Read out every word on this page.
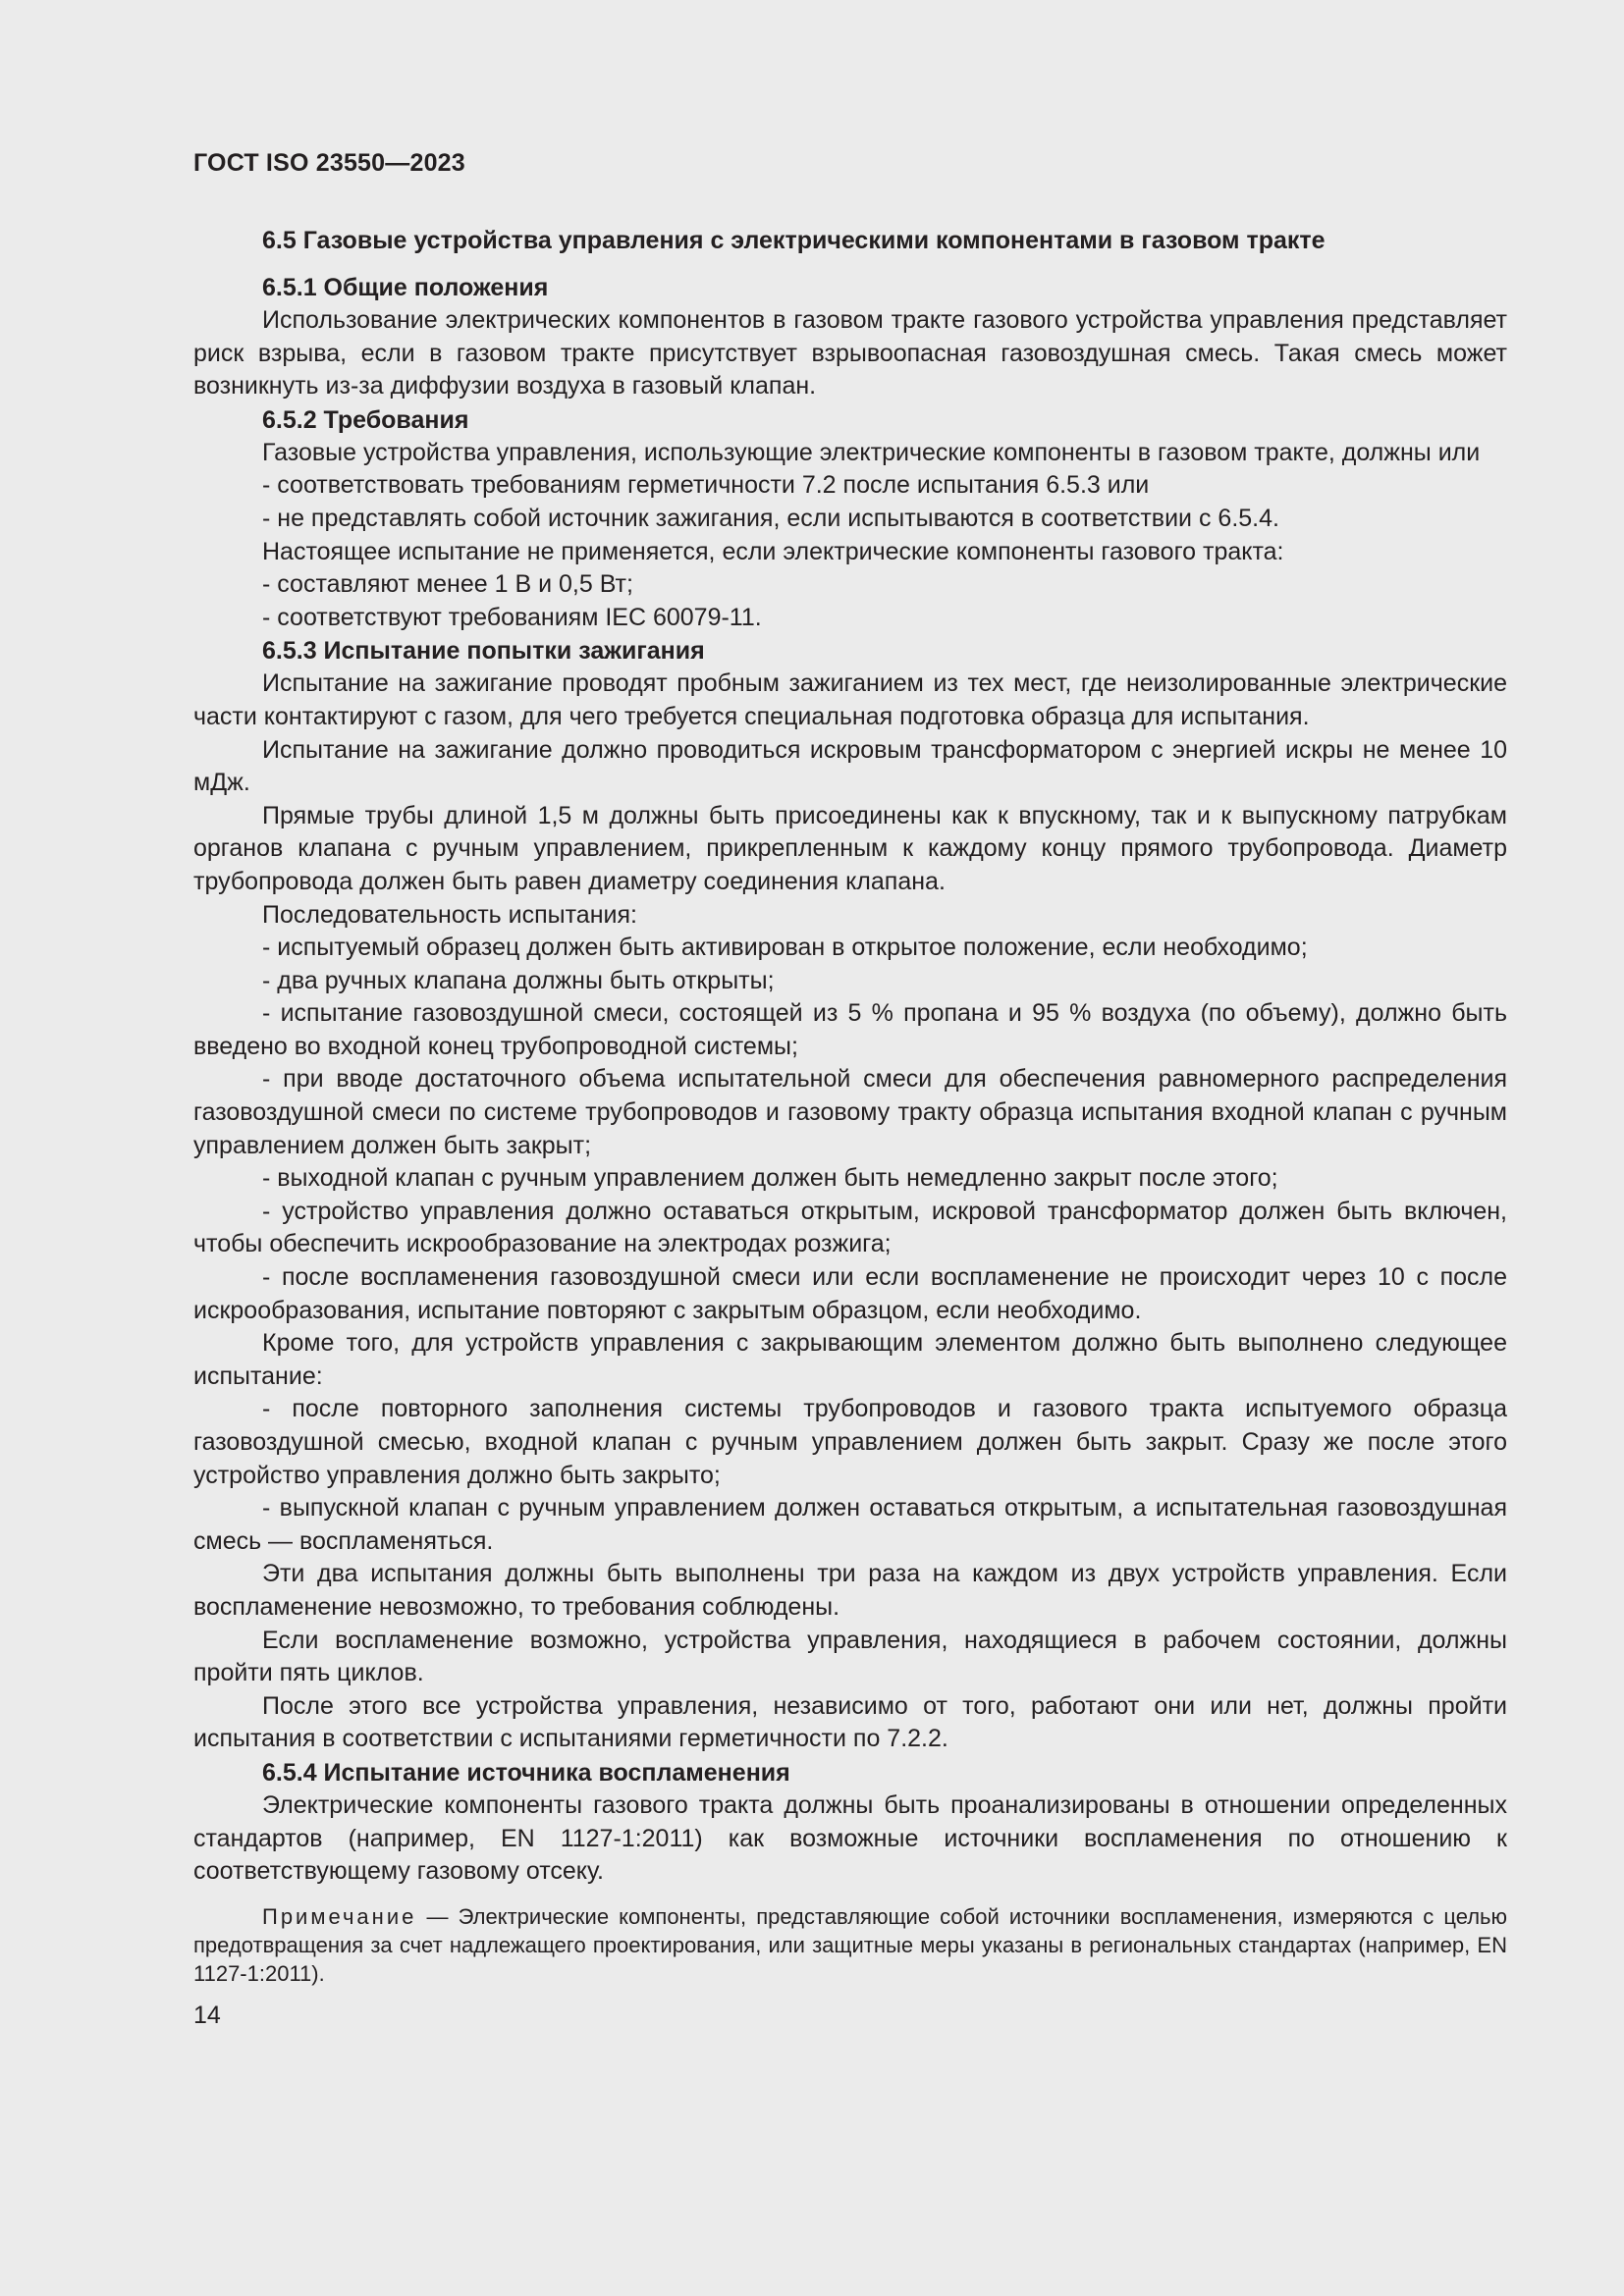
ГОСТ ISO 23550—2023
6.5 Газовые устройства управления с электрическими компонентами в газовом тракте
6.5.1 Общие положения

Использование электрических компонентов в газовом тракте газового устройства управления представляет риск взрыва, если в газовом тракте присутствует взрывоопасная газовоздушная смесь. Такая смесь может возникнуть из-за диффузии воздуха в газовый клапан.

6.5.2 Требования

Газовые устройства управления, использующие электрические компоненты в газовом тракте, должны или

- соответствовать требованиям герметичности 7.2 после испытания 6.5.3 или

- не представлять собой источник зажигания, если испытываются в соответствии с 6.5.4.

Настоящее испытание не применяется, если электрические компоненты газового тракта:

- составляют менее 1 В и 0,5 Вт;

- соответствуют требованиям IEC 60079-11.

6.5.3 Испытание попытки зажигания

Испытание на зажигание проводят пробным зажиганием из тех мест, где неизолированные электрические части контактируют с газом, для чего требуется специальная подготовка образца для испытания.

Испытание на зажигание должно проводиться искровым трансформатором с энергией искры не менее 10 мДж.

Прямые трубы длиной 1,5 м должны быть присоединены как к впускному, так и к выпускному патрубкам органов клапана с ручным управлением, прикрепленным к каждому концу прямого трубопровода. Диаметр трубопровода должен быть равен диаметру соединения клапана.

Последовательность испытания:

- испытуемый образец должен быть активирован в открытое положение, если необходимо;

- два ручных клапана должны быть открыты;

- испытание газовоздушной смеси, состоящей из 5 % пропана и 95 % воздуха (по объему), должно быть введено во входной конец трубопроводной системы;

- при вводе достаточного объема испытательной смеси для обеспечения равномерного распределения газовоздушной смеси по системе трубопроводов и газовому тракту образца испытания входной клапан с ручным управлением должен быть закрыт;

- выходной клапан с ручным управлением должен быть немедленно закрыт после этого;

- устройство управления должно оставаться открытым, искровой трансформатор должен быть включен, чтобы обеспечить искрообразование на электродах розжига;

- после воспламенения газовоздушной смеси или если воспламенение не происходит через 10 с после искрообразования, испытание повторяют с закрытым образцом, если необходимо.

Кроме того, для устройств управления с закрывающим элементом должно быть выполнено следующее испытание:

- после повторного заполнения системы трубопроводов и газового тракта испытуемого образца газовоздушной смесью, входной клапан с ручным управлением должен быть закрыт. Сразу же после этого устройство управления должно быть закрыто;

- выпускной клапан с ручным управлением должен оставаться открытым, а испытательная газовоздушная смесь — воспламеняться.

Эти два испытания должны быть выполнены три раза на каждом из двух устройств управления. Если воспламенение невозможно, то требования соблюдены.

Если воспламенение возможно, устройства управления, находящиеся в рабочем состоянии, должны пройти пять циклов.

После этого все устройства управления, независимо от того, работают они или нет, должны пройти испытания в соответствии с испытаниями герметичности по 7.2.2.

6.5.4 Испытание источника воспламенения

Электрические компоненты газового тракта должны быть проанализированы в отношении определенных стандартов (например, EN 1127-1:2011) как возможные источники воспламенения по отношению к соответствующему газовому отсеку.

Примечание — Электрические компоненты, представляющие собой источники воспламенения, измеряются с целью предотвращения за счет надлежащего проектирования, или защитные меры указаны в региональных стандартах (например, EN 1127-1:2011).

14
